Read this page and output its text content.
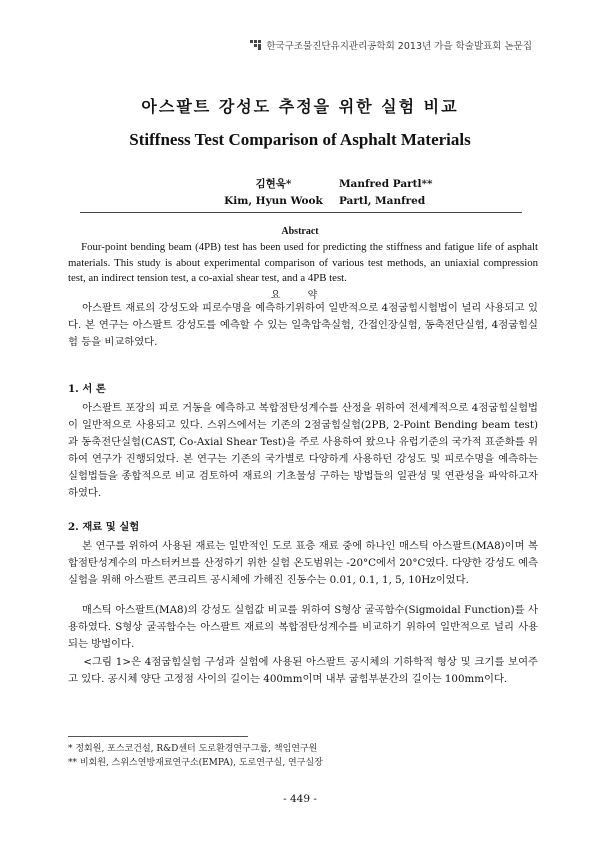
한국구조물진단유지관리공학회 2013년 가을 학술발표회 논문집
아스팔트 강성도 추정을 위한 실험 비교
Stiffness Test Comparison of Asphalt Materials
김현욱*	Manfred Partl**
Kim, Hyun Wook	Partl, Manfred
Abstract

Four-point bending beam (4PB) test has been used for predicting the stiffness and fatigue life of asphalt materials. This study is about experimental comparison of various test methods, an uniaxial compression test, an indirect tension test, a co-axial shear test, and a 4PB test.

요 약

아스팔트 재료의 강성도와 피로수명을 예측하기위하여 일반적으로 4점굽힘시험법이 널리 사용되고 있다. 본 연구는 아스팔트 강성도를 예측할 수 있는 일축압축실험, 간접인장실험, 동축전단실험, 4점굽힘실험 등을 비교하였다.

1. 서 론

아스팔트 포장의 피로 거동을 예측하고 복합점탄성계수를 산정을 위하여 전세계적으로 4점굽힘실험법이 일반적으로 사용되고 있다. 스위스에서는 기존의 2점굽힘실험(2PB, 2-Point Bending beam test)과 동축전단실험(CAST, Co-Axial Shear Test)을 주로 사용하여 왔으나 유럽기준의 국가적 표준화를 위하여 연구가 진행되었다. 본 연구는 기존의 국가별로 다양하게 사용하던 강성도 및 피로수명을 예측하는 실험법들을 종합적으로 비교 검토하여 재료의 기초물성 구하는 방법들의 일관성 및 연관성을 파악하고자 하였다.

2. 재료 및 실험

본 연구를 위하여 사용된 재료는 일반적인 도로 표층 재료 중에 하나인 매스틱 아스팔트(MA8)이며 복합점탄성계수의 마스터커브를 산정하기 위한 실험 온도범위는 -20°C에서 20°C였다. 다양한 강성도 예측 실험을 위해 아스팔트 콘크리트 공시체에 가해진 진동수는 0.01, 0.1, 1, 5, 10Hz이었다.

매스틱 아스팔트(MA8)의 강성도 실험값 비교를 위하여 S형상 굴곡함수(Sigmoidal Function)를 사용하였다. S형상 굴곡함수는 아스팔트 재료의 복합점탄성계수를 비교하기 위하여 일반적으로 널리 사용되는 방법이다.

<그림 1>은 4점굽힘실험 구성과 실험에 사용된 아스팔트 공시체의 기하학적 형상 및 크기를 보여주고 있다. 공시체 양단 고정점 사이의 길이는 400mm이며 내부 굽힘부분간의 길이는 100mm이다.

* 정회원, 포스코건설, R&D센터 도로환경연구그룹, 책임연구원

** 비회원, 스위스연방재료연구소(EMPA), 도로연구실, 연구실장

- 449 -
